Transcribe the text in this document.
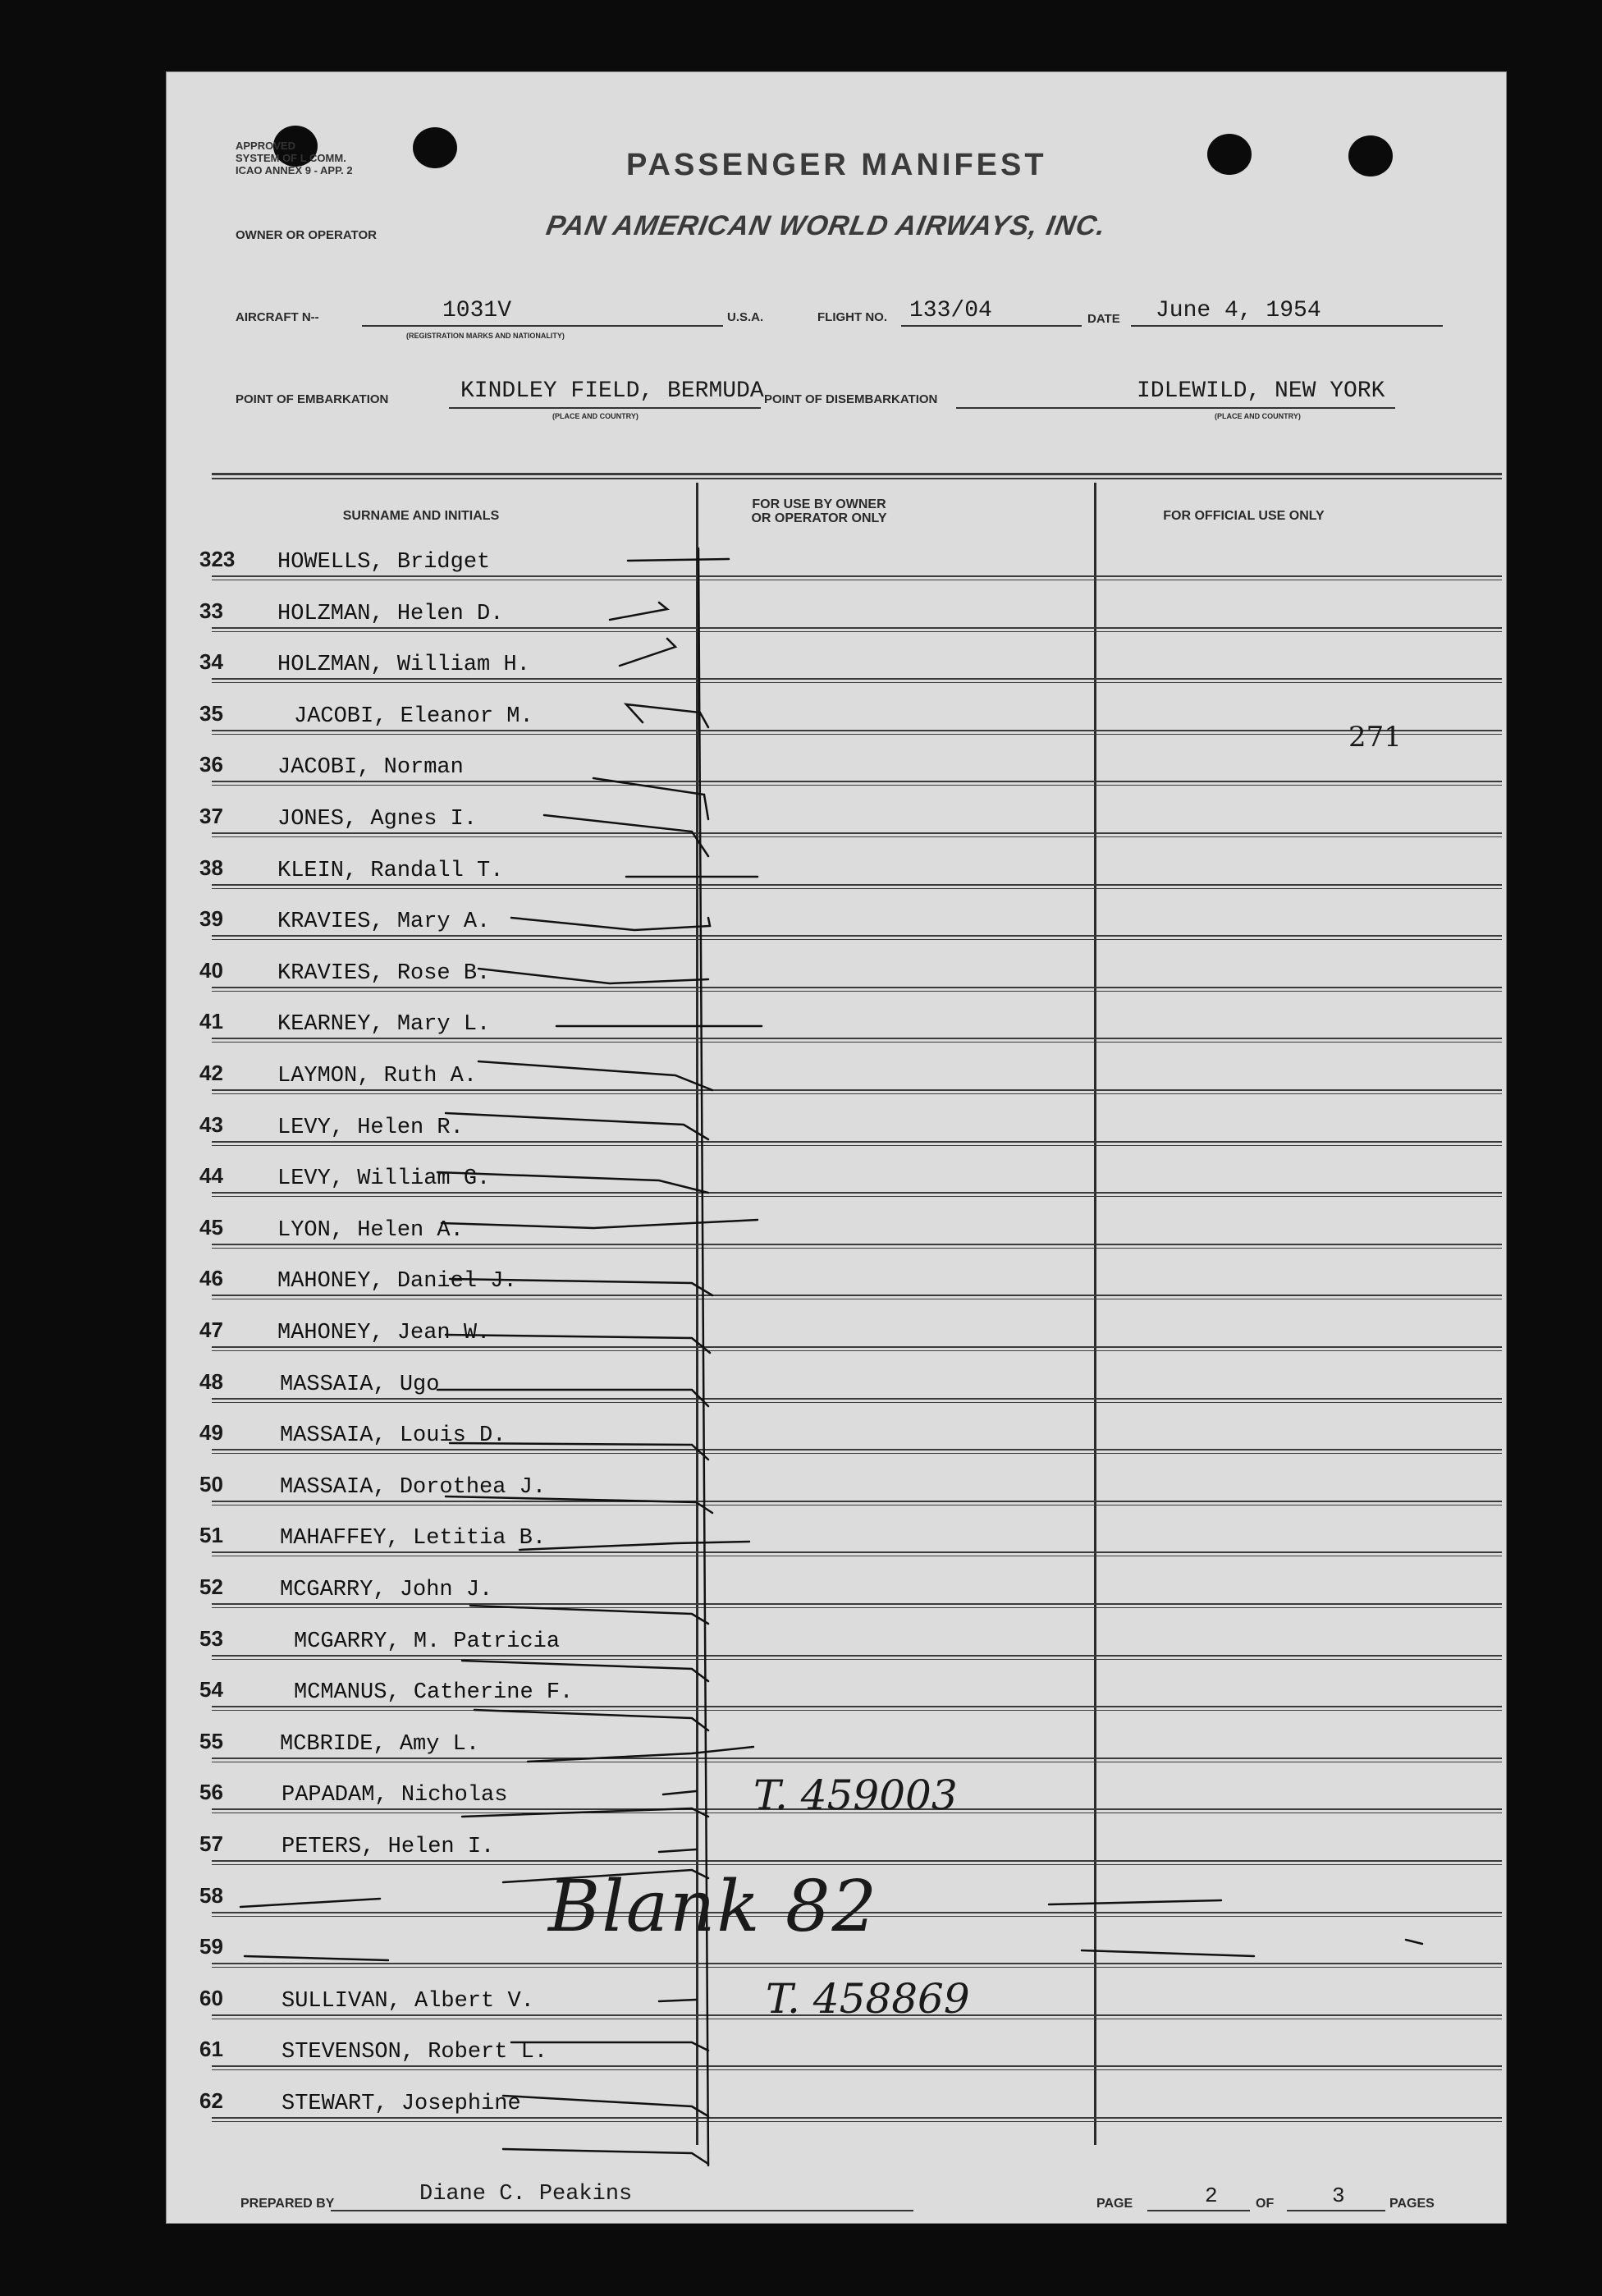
APPROVED
SYSTEM OF L COMM.
ICAO ANNEX 9 - APP. 2	PASSENGER MANIFEST
OWNER OR OPERATOR	PAN AMERICAN WORLD AIRWAYS, INC.
AIRCRAFT N--	1031V
(REGISTRATION MARKS AND NATIONALITY)
U.S.A.	FLIGHT NO. 133/04	DATE June 4, 1954
POINT OF EMBARKATION	KINDLEY FIELD, BERMUDA
(PLACE AND COUNTRY)
POINT OF DISEMBARKATION	IDLEWILD, NEW YORK
(PLACE AND COUNTRY)
SURNAME AND INITIALS
FOR USE BY OWNER
OR OPERATOR ONLY	FOR OFFICIAL USE ONLY
323	HOWELLS, Bridget
33	HOLZMAN, Helen D.
34	HOLZMAN, William H.
35	JACOBI, Eleanor M.
36	JACOBI, Norman
37	JONES, Agnes I.
38	KLEIN, Randall T.
39	KRAVIES, Mary A.
40	KRAVIES, Rose B.
41	KEARNEY, Mary L.
42	LAYMON, Ruth A.
43	LEVY, Helen R.
44	LEVY, William G.
45	LYON, Helen A.
46	MAHONEY, Daniel J.
47	MAHONEY, Jean W.
48	MASSAIA, Ugo
49	MASSAIA, Louis D.
50	MASSAIA, Dorothea J.
51	MAHAFFEY, Letitia B.
52	MCGARRY, John J.
53	MCGARRY, M. Patricia
54	MCMANUS, Catherine F.
55	MCBRIDE, Amy L.
56	PAPADAM, Nicholas
57	PETERS, Helen I.
58
59
60	SULLIVAN, Albert V.
61	STEVENSON, Robert L.
62	STEWART, Josephine
271
T. 459003
Blank 82
T. 458869
PREPARED BY	Diane C. Peakins	PAGE	2	OF	3	PAGES
